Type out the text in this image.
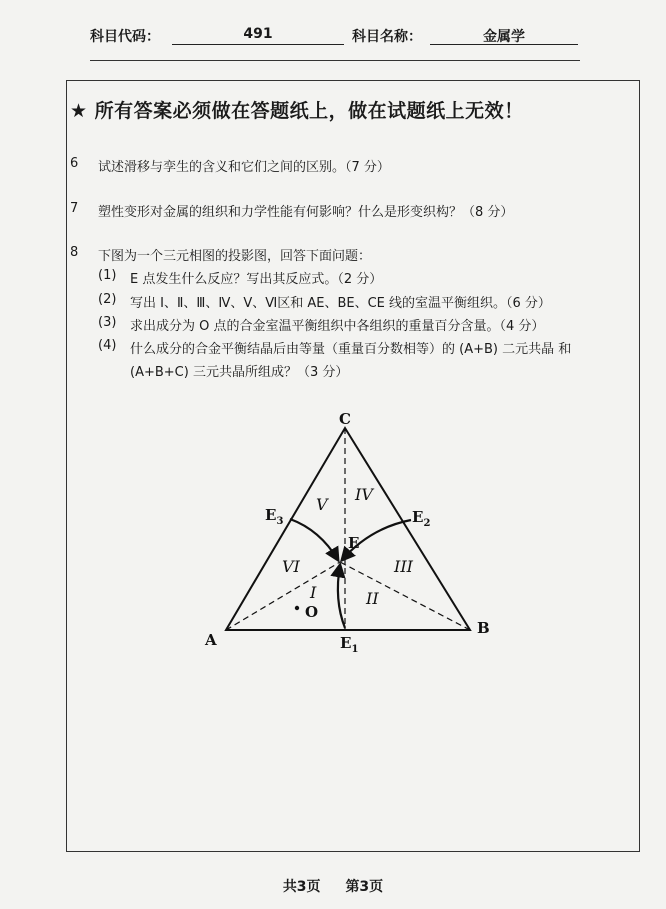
科目代码：	491	科目名称：	金属学
★ 所有答案必须做在答题纸上，做在试题纸上无效！
6 试述滑移与孪生的含义和它们之间的区别。（7 分）
7 塑性变形对金属的组织和力学性能有何影响？什么是形变织构？（8 分）
8 下图为一个三元相图的投影图，回答下面问题：
(1) E 点发生什么反应？写出其反应式。（2 分）
(2) 写出 Ⅰ、Ⅱ、Ⅲ、Ⅳ、Ⅴ、Ⅵ区和 AE、BE、CE 线的室温平衡组织。（6 分）
(3) 求出成分为 O 点的合金室温平衡组织中各组织的重量百分含量。（4 分）
(4) 什么成分的合金平衡结晶后由等量（重量百分数相等）的 (A+B) 二元共晶 和
(A+B+C) 三元共晶所组成？（3 分）
C
A
B
E
O
$E_1$
$E_2$
$E_3$
IV
V
VI
I	II
III
共3页 第3页
